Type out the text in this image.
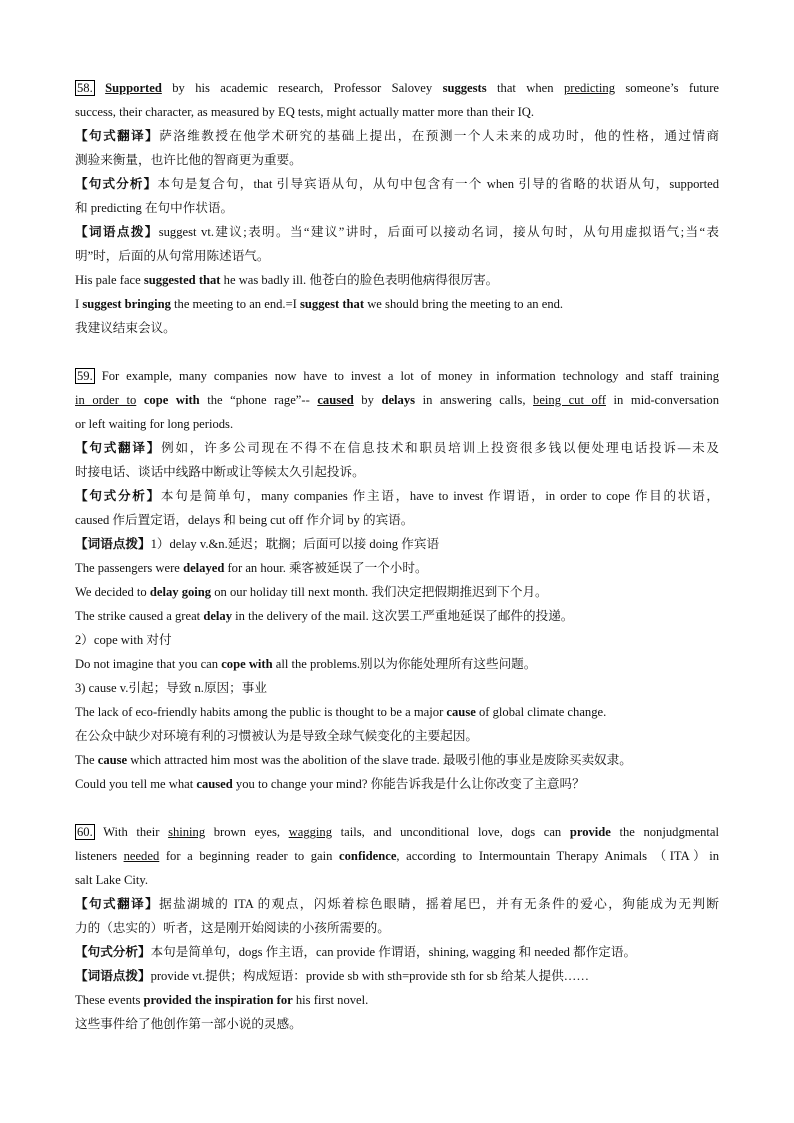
58. Supported by his academic research, Professor Salovey suggests that when predicting someone’s future
success, their character, as measured by EQ tests, might actually matter more than their IQ.
【句式翻译】萨洛维教授在他学术研究的基础上提出，在预测一个人未来的成功时，他的性格，通过情商
测验来衡量，也许比他的智商更为重要。
【句式分析】本句是复合句，that 引导宾语从句，从句中包含有一个 when 引导的省略的状语从句，supported
和 predicting 在句中作状语。
【词语点拨】suggest vt.建议;表明。当“建议”讲时，后面可以接动名词，接从句时，从句用虚拟语气;当“表
明”时，后面的从句常用陈述语气。
His pale face suggested that he was badly ill. 他苍白的脸色表明他病得很厉害。
I suggest bringing the meeting to an end.=I suggest that we should bring the meeting to an end.
我建议结束会议。
59. For example, many companies now have to invest a lot of money in information technology and staff training
in order to cope with the “phone rage”-- caused by delays in answering calls, being cut off in mid-conversation
or left waiting for long periods.
【句式翻译】例如，许多公司现在不得不在信息技术和职员培训上投资很多钱以便处理电话投诉—未及
时接电话、谈话中线路中断或让等候太久引起投诉。
【句式分析】本句是简单句，many companies 作主语，have to invest 作谓语，in order to cope 作目的状语，
caused 作后置定语，delays 和 being cut off 作介词 by 的宾语。
【词语点拨】1）delay v.&n.延迟；耽搁；后面可以接 doing 作宾语
The passengers were delayed for an hour. 乘客被延误了一个小时。
We decided to delay going on our holiday till next month. 我们决定把假期推迟到下个月。
The strike caused a great delay in the delivery of the mail. 这次罢工严重地延误了邮件的投递。
2）cope with 对付
Do not imagine that you can cope with all the problems.别以为你能处理所有这些问题。
3) cause v.引起；导致 n.原因；事业
The lack of eco-friendly habits among the public is thought to be a major cause of global climate change.
在公众中缺少对环境有利的习惯被认为是导致全球气候变化的主要起因。
The cause which attracted him most was the abolition of the slave trade. 最吸引他的事业是废除买卖奴隶。
Could you tell me what caused you to change your mind? 你能告诉我是什么让你改变了主意吗？
60. With their shining brown eyes, wagging tails, and unconditional love, dogs can provide the nonjudgmental
listeners needed for a beginning reader to gain confidence, according to Intermountain Therapy Animals （ITA）in
salt Lake City.
【句式翻译】据盐湖城的 ITA 的观点，闪烁着棕色眼睛，摇着尾巴，并有无条件的爱心，狗能成为无判断
力的（忠实的）听者，这是刚开始阅读的小孩所需要的。
【句式分析】本句是简单句，dogs 作主语，can provide 作谓语，shining, wagging 和 needed 都作定语。
【词语点拨】provide vt.提供；构成短语：provide sb with sth=provide sth for sb 给某人提供……
These events provided the inspiration for his first novel.
这些事件给了他创作第一部小说的灵感。
